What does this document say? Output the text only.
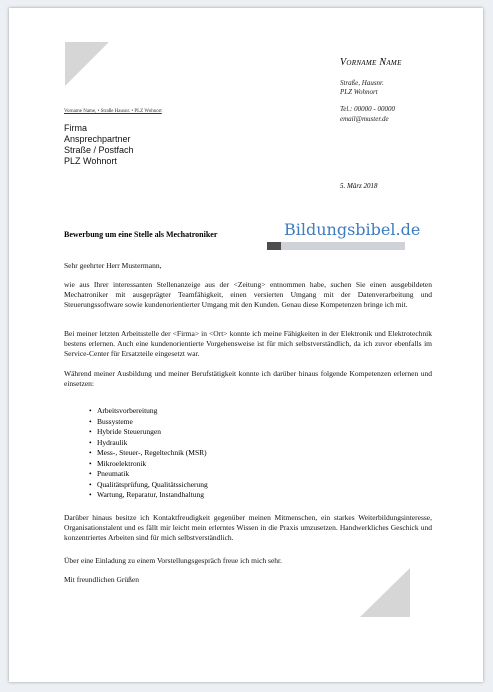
Vorname Name
Straße, Hausnr.
PLZ Wohnort
Tel.: 00000 - 00000
email@muster.de
Vorname Name, • Straße Hausnr. • PLZ Wohnort
Firma
Ansprechpartner
Straße / Postfach
PLZ Wohnort
5. März 2018
Bewerbung um eine Stelle als Mechatroniker	Bildungsbibel.de
Sehr geehrter Herr Mustermann,
wie aus Ihrer interessanten Stellenanzeige aus der <Zeitung> entnommen habe, suchen Sie einen ausgebildeten Mechatroniker mit ausgeprägter Teamfähigkeit, einen versierten Umgang mit der Datenverarbeitung und Steuerungssoftware sowie kundenorientierter Umgang mit den Kunden. Genau diese Kompetenzen bringe ich mit.
Bei meiner letzten Arbeitsstelle der <Firma> in <Ort> konnte ich meine Fähigkeiten in der Elektronik und Elektrotechnik bestens erlernen. Auch eine kundenorientierte Vorgehensweise ist für mich selbstverständlich, da ich zuvor ebenfalls im Service-Center für Ersatzteile eingesetzt war.
Während meiner Ausbildung und meiner Berufstätigkeit konnte ich darüber hinaus folgende Kompetenzen erlernen und einsetzen:
• Arbeitsvorbereitung
• Bussysteme
• Hybride Steuerungen
• Hydraulik
• Mess-, Steuer-, Regeltechnik (MSR)
• Mikroelektronik
• Pneumatik
• Qualitätsprüfung, Qualitätssicherung
• Wartung, Reparatur, Instandhaltung
Darüber hinaus besitze ich Kontaktfreudigkeit gegenüber meinen Mitmenschen, ein starkes Weiterbildungsinteresse, Organisationstalent und es fällt mir leicht mein erlerntes Wissen in die Praxis umzusetzen. Handwerkliches Geschick und konzentriertes Arbeiten sind für mich selbstverständlich.
Über eine Einladung zu einem Vorstellungsgespräch freue ich mich sehr.
Mit freundlichen Grüßen
